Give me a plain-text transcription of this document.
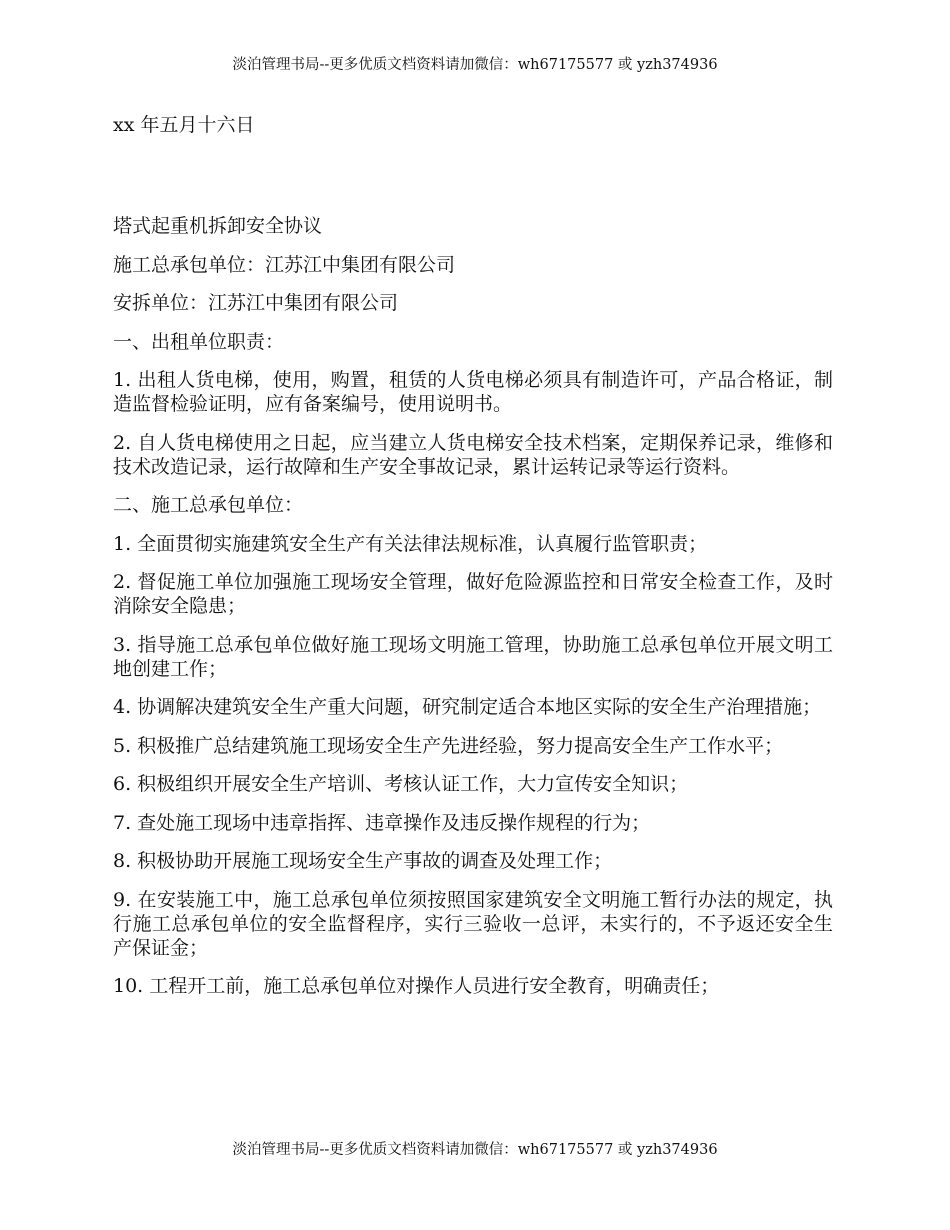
淡泊管理书局--更多优质文档资料请加微信：wh67175577 或 yzh374936
xx 年五月十六日

塔式起重机拆卸安全协议

施工总承包单位：江苏江中集团有限公司

安拆单位：江苏江中集团有限公司

一、出租单位职责：

1. 出租人货电梯，使用，购置，租赁的人货电梯必须具有制造许可，产品合格证，制造监督检验证明，应有备案编号，使用说明书。

2. 自人货电梯使用之日起，应当建立人货电梯安全技术档案，定期保养记录，维修和技术改造记录，运行故障和生产安全事故记录，累计运转记录等运行资料。

二、施工总承包单位：

1. 全面贯彻实施建筑安全生产有关法律法规标准，认真履行监管职责；

2. 督促施工单位加强施工现场安全管理，做好危险源监控和日常安全检查工作，及时消除安全隐患；

3. 指导施工总承包单位做好施工现场文明施工管理，协助施工总承包单位开展文明工地创建工作；

4. 协调解决建筑安全生产重大问题，研究制定适合本地区实际的安全生产治理措施；

5. 积极推广总结建筑施工现场安全生产先进经验，努力提高安全生产工作水平；

6. 积极组织开展安全生产培训、考核认证工作，大力宣传安全知识；

7. 查处施工现场中违章指挥、违章操作及违反操作规程的行为；

8. 积极协助开展施工现场安全生产事故的调查及处理工作；

9. 在安装施工中，施工总承包单位须按照国家建筑安全文明施工暂行办法的规定，执行施工总承包单位的安全监督程序，实行三验收一总评，未实行的，不予返还安全生产保证金；

10. 工程开工前，施工总承包单位对操作人员进行安全教育，明确责任；

淡泊管理书局--更多优质文档资料请加微信：wh67175577 或 yzh374936
